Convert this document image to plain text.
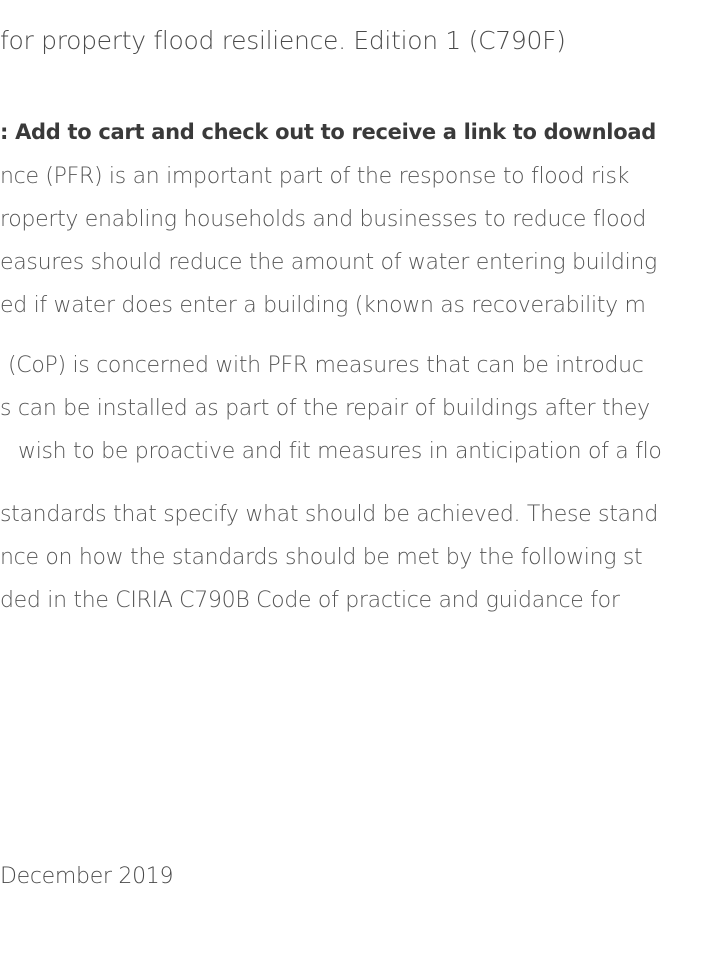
for property flood resilience. Edition 1 (C790F)

: Add to cart and check out to receive a link to download

nce (PFR) is an important part of the response to flood risk

roperty enabling households and businesses to reduce flood

easures should reduce the amount of water entering building

ed if water does enter a building (known as recoverability m

(CoP) is concerned with PFR measures that can be introduc

s can be installed as part of the repair of buildings after they

wish to be proactive and fit measures in anticipation of a flo

standards that specify what should be achieved. These stand

nce on how the standards should be met by the following st

ded in the CIRIA C790B Code of practice and guidance for

December 2019
